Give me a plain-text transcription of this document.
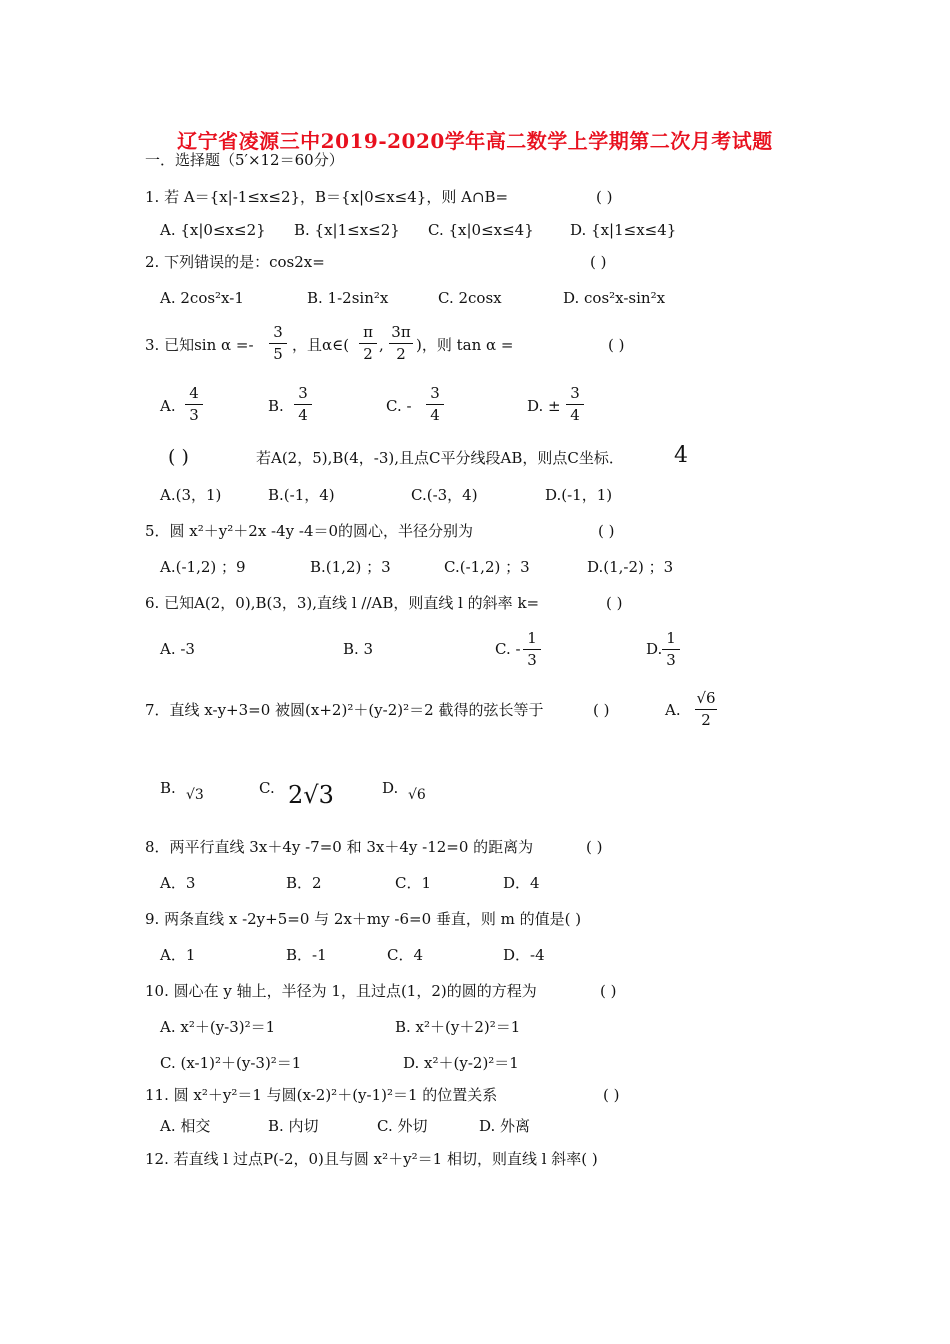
辽宁省凌源三中2019-2020学年高二数学上学期第二次月考试题
一．选择题（5′×12＝60分）
1. 若 A＝{x|-1≤x≤2}，B＝{x|0≤x≤4}，则 A∩B=	( )
A. {x|0≤x≤2} B. {x|1≤x≤2} C. {x|0≤x≤4} D. {x|1≤x≤4}
2. 下列错误的是：cos2x=	( )
A. 2cos²x-1	B. 1-2sin²x	C. 2cosx	D. cos²x-sin²x
3. 已知sin α =-
3
5 ，且α∈(
π
2 ,
3π
2 )，则 tan α =	( )
A.
4
3	B.
3
4	C. -
3
4	D. ±
3
4
( )	若A(2，5),B(4，-3),且点C平分线段AB，则点C坐标． 4
A.(3，1)	B.(-1，4)	C.(-3，4)	D.(-1，1)
5．圆 x²＋y²＋2x -4y -4＝0的圆心，半径分别为	( )
A.(-1,2) ；9	B.(1,2) ；3	C.(-1,2) ；3	D.(1,-2) ；3
6. 已知A(2，0),B(3，3),直线 l //AB，则直线 l 的斜率 k=	( )
A. -3	B. 3	C. -
1
3
D.
1
3
7．直线 x-y+3=0 被圆(x+2)²＋(y-2)²＝2 截得的弦长等于	( )	A.
√6
2
B. √3	C. 2√3	D. √6
8．两平行直线 3x＋4y -7=0 和 3x＋4y -12=0 的距离为	( )
A．3	B．2	C．1	D．4
9. 两条直线 x -2y+5=0 与 2x＋my -6=0 垂直，则 m 的值是( )
A．1	B．-1	C．4	D．-4
10. 圆心在 y 轴上，半径为 1，且过点(1，2)的圆的方程为	( )
A. x²＋(y-3)²＝1	B. x²＋(y＋2)²＝1
C. (x-1)²＋(y-3)²＝1	D. x²＋(y-2)²＝1
11. 圆 x²＋y²＝1 与圆(x-2)²＋(y-1)²＝1 的位置关系	( )
A. 相交	B. 内切	C. 外切	D. 外离
12. 若直线 l 过点P(-2，0)且与圆 x²＋y²＝1 相切，则直线 l 斜率( )
